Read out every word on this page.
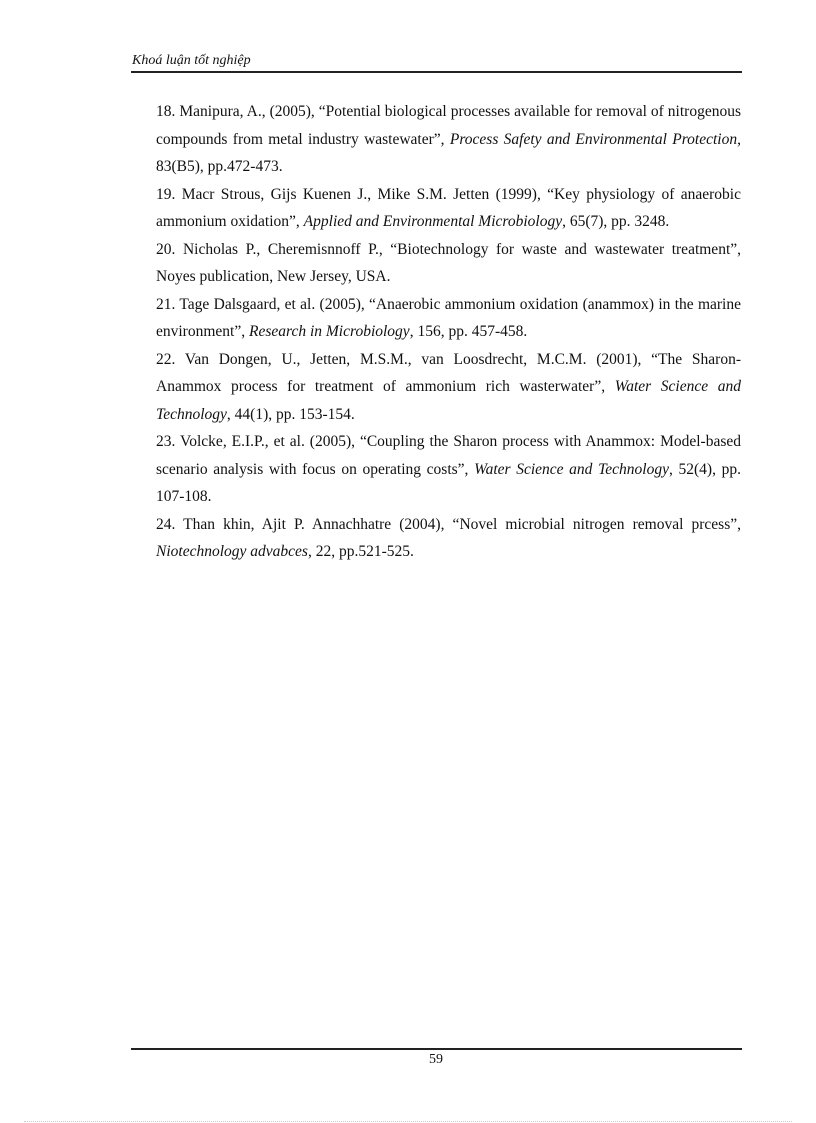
Khoá luận tốt nghiệp

18. Manipura, A., (2005), “Potential biological processes available for removal of nitrogenous compounds from metal industry wastewater”, Process Safety and Environmental Protection, 83(B5), pp.472-473.

19. Macr Strous, Gijs Kuenen J., Mike S.M. Jetten (1999), “Key physiology of anaerobic ammonium oxidation”, Applied and Environmental Microbiology, 65(7), pp. 3248.

20. Nicholas P., Cheremisnnoff P., “Biotechnology for waste and wastewater treatment”, Noyes publication, New Jersey, USA.

21. Tage Dalsgaard, et al. (2005), “Anaerobic ammonium oxidation (anammox) in the marine environment”, Research in Microbiology, 156, pp. 457-458.

22. Van Dongen, U., Jetten, M.S.M., van Loosdrecht, M.C.M. (2001), “The Sharon-Anammox process for treatment of ammonium rich wasterwater”, Water Science and Technology, 44(1), pp. 153-154.

23. Volcke, E.I.P., et al. (2005), “Coupling the Sharon process with Anammox: Model-based scenario analysis with focus on operating costs”, Water Science and Technology, 52(4), pp. 107-108.

24. Than khin, Ajit P. Annachhatre (2004), “Novel microbial nitrogen removal prcess”, Niotechnology advabces, 22, pp.521-525.

59
